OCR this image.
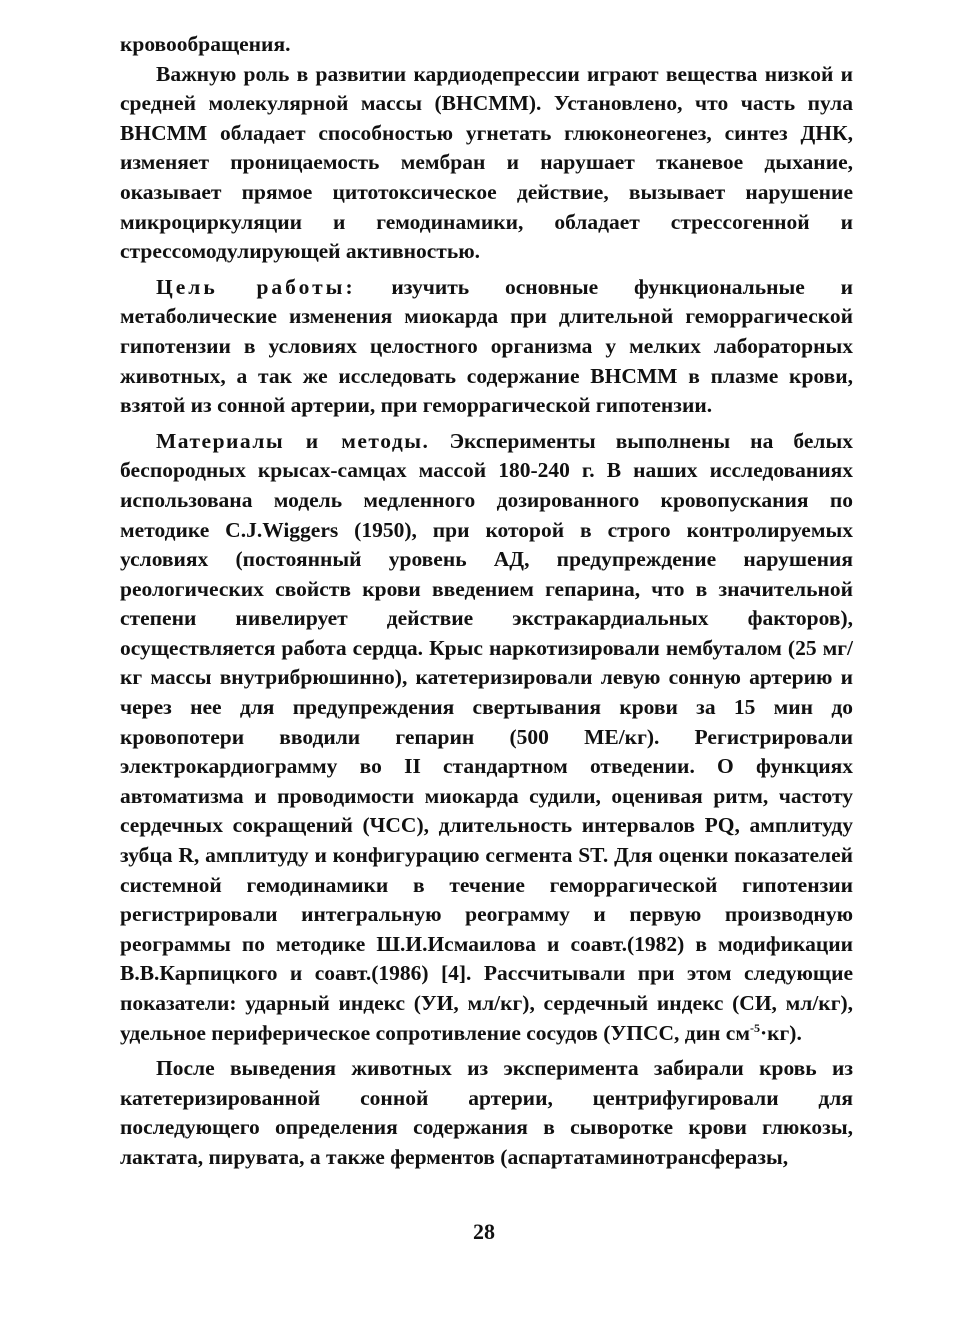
кровообращения.

Важную роль в развитии кардиодепрессии играют вещества низкой и средней молекулярной массы (ВНСММ). Установлено, что часть пула ВНСММ обладает способностью угнетать глюконеогенез, синтез ДНК, изменяет проницаемость мембран и нарушает тканевое дыхание, оказывает прямое цитотоксическое действие, вызывает нарушение микроциркуляции и гемодинамики, обладает стрессогенной и стрессомодулирующей активностью.

Цель работы: изучить основные функциональные и метаболические изменения миокарда при длительной геморрагической гипотензии в условиях целостного организма у мелких лабораторных животных, а так же исследовать содержание ВНСММ в плазме крови, взятой из сонной артерии, при геморрагической гипотензии.

Материалы и методы. Эксперименты выполнены на белых беспородных крысах-самцах массой 180-240 г. В наших исследованиях использована модель медленного дозированного кровопускания по методике C.J.Wiggers (1950), при которой в строго контролируемых условиях (постоянный уровень АД, предупреждение нарушения реологических свойств крови введением гепарина, что в значительной степени нивелирует действие экстракардиальных факторов), осуществляется работа сердца. Крыс наркотизировали нембуталом (25 мг/кг массы внутрибрюшинно), катетеризировали левую сонную артерию и через нее для предупреждения свертывания крови за 15 мин до кровопотери вводили гепарин (500 МЕ/кг). Регистрировали электрокардиограмму во II стандартном отведении. О функциях автоматизма и проводимости миокарда судили, оценивая ритм, частоту сердечных сокращений (ЧСС), длительность интервалов PQ, амплитуду зубца R, амплитуду и конфигурацию сегмента ST. Для оценки показателей системной гемодинамики в течение геморрагической гипотензии регистрировали интегральную реограмму и первую производную реограммы по методике Ш.И.Исмаилова и соавт.(1982) в модификации В.В.Карпицкого и соавт.(1986) [4]. Рассчитывали при этом следующие показатели: ударный индекс (УИ, мл/кг), сердечный индекс (СИ, мл/кг), удельное периферическое сопротивление сосудов (УПСС, дин $см^{-5}\cdot кг$).

После выведения животных из эксперимента забирали кровь из катетеризированной сонной артерии, центрифугировали для последующего определения содержания в сыворотке крови глюкозы, лактата, пирувата, а также ферментов (аспартатаминотрансферазы,

28
